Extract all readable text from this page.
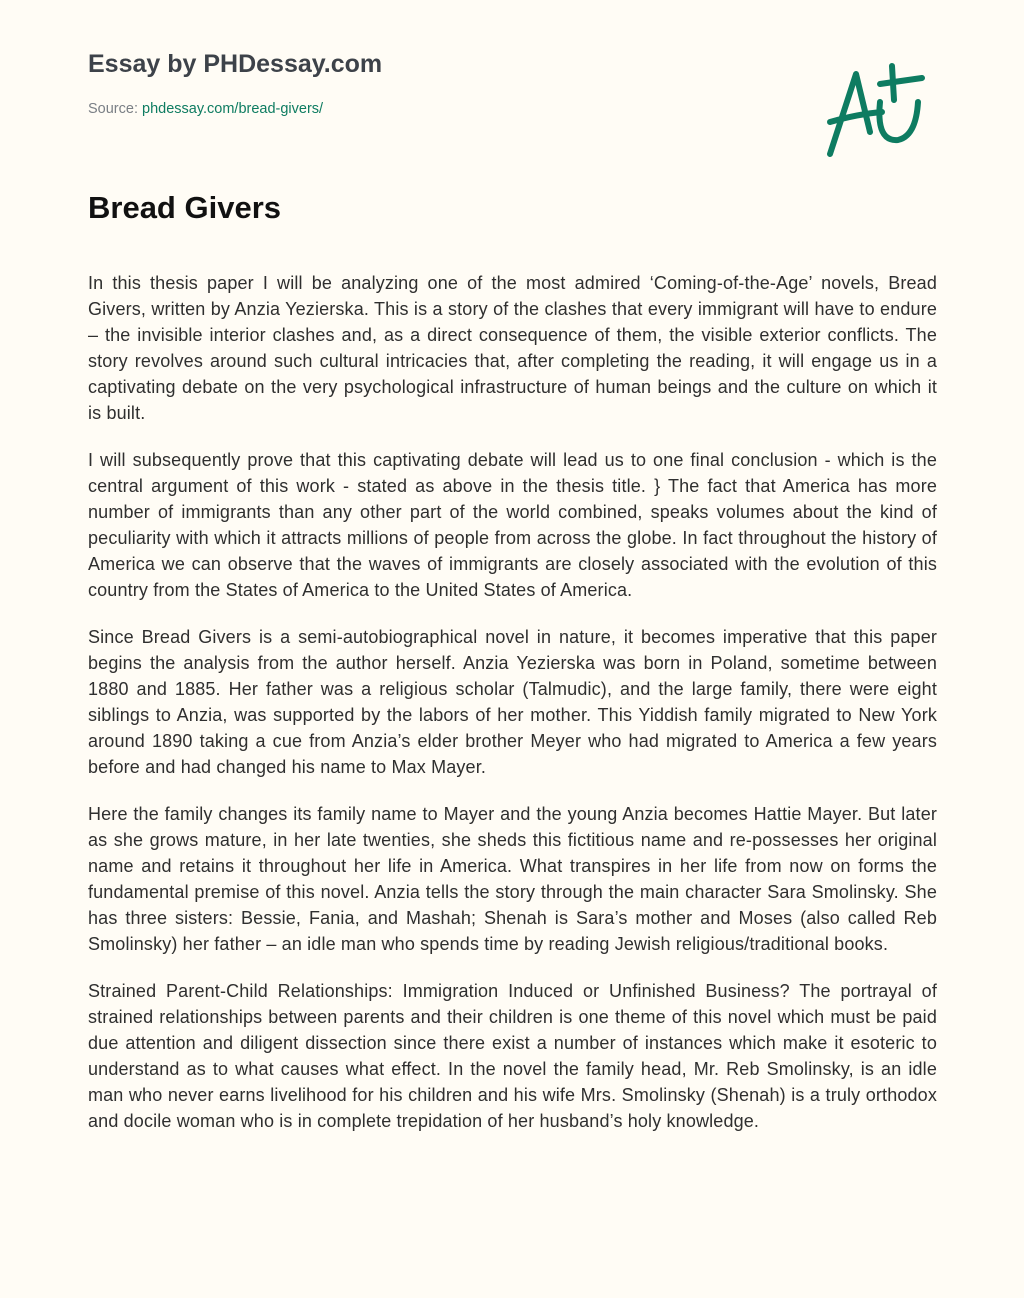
Essay by PHDessay.com
Source: phdessay.com/bread-givers/
Bread Givers

In this thesis paper I will be analyzing one of the most admired ‘Coming-of-the-Age’ novels, Bread Givers, written by Anzia Yezierska. This is a story of the clashes that every immigrant will have to endure – the invisible interior clashes and, as a direct consequence of them, the visible exterior conflicts. The story revolves around such cultural intricacies that, after completing the reading, it will engage us in a captivating debate on the very psychological infrastructure of human beings and the culture on which it is built.

I will subsequently prove that this captivating debate will lead us to one final conclusion - which is the central argument of this work - stated as above in the thesis title. } The fact that America has more number of immigrants than any other part of the world combined, speaks volumes about the kind of peculiarity with which it attracts millions of people from across the globe. In fact throughout the history of America we can observe that the waves of immigrants are closely associated with the evolution of this country from the States of America to the United States of America.

Since Bread Givers is a semi-autobiographical novel in nature, it becomes imperative that this paper begins the analysis from the author herself. Anzia Yezierska was born in Poland, sometime between 1880 and 1885. Her father was a religious scholar (Talmudic), and the large family, there were eight siblings to Anzia, was supported by the labors of her mother. This Yiddish family migrated to New York around 1890 taking a cue from Anzia’s elder brother Meyer who had migrated to America a few years before and had changed his name to Max Mayer.

Here the family changes its family name to Mayer and the young Anzia becomes Hattie Mayer. But later as she grows mature, in her late twenties, she sheds this fictitious name and re-possesses her original name and retains it throughout her life in America. What transpires in her life from now on forms the fundamental premise of this novel. Anzia tells the story through the main character Sara Smolinsky. She has three sisters: Bessie, Fania, and Mashah; Shenah is Sara’s mother and Moses (also called Reb Smolinsky) her father – an idle man who spends time by reading Jewish religious/traditional books.

Strained Parent-Child Relationships: Immigration Induced or Unfinished Business? The portrayal of strained relationships between parents and their children is one theme of this novel which must be paid due attention and diligent dissection since there exist a number of instances which make it esoteric to understand as to what causes what effect. In the novel the family head, Mr. Reb Smolinsky, is an idle man who never earns livelihood for his children and his wife Mrs. Smolinsky (Shenah) is a truly orthodox and docile woman who is in complete trepidation of her husband’s holy knowledge.
